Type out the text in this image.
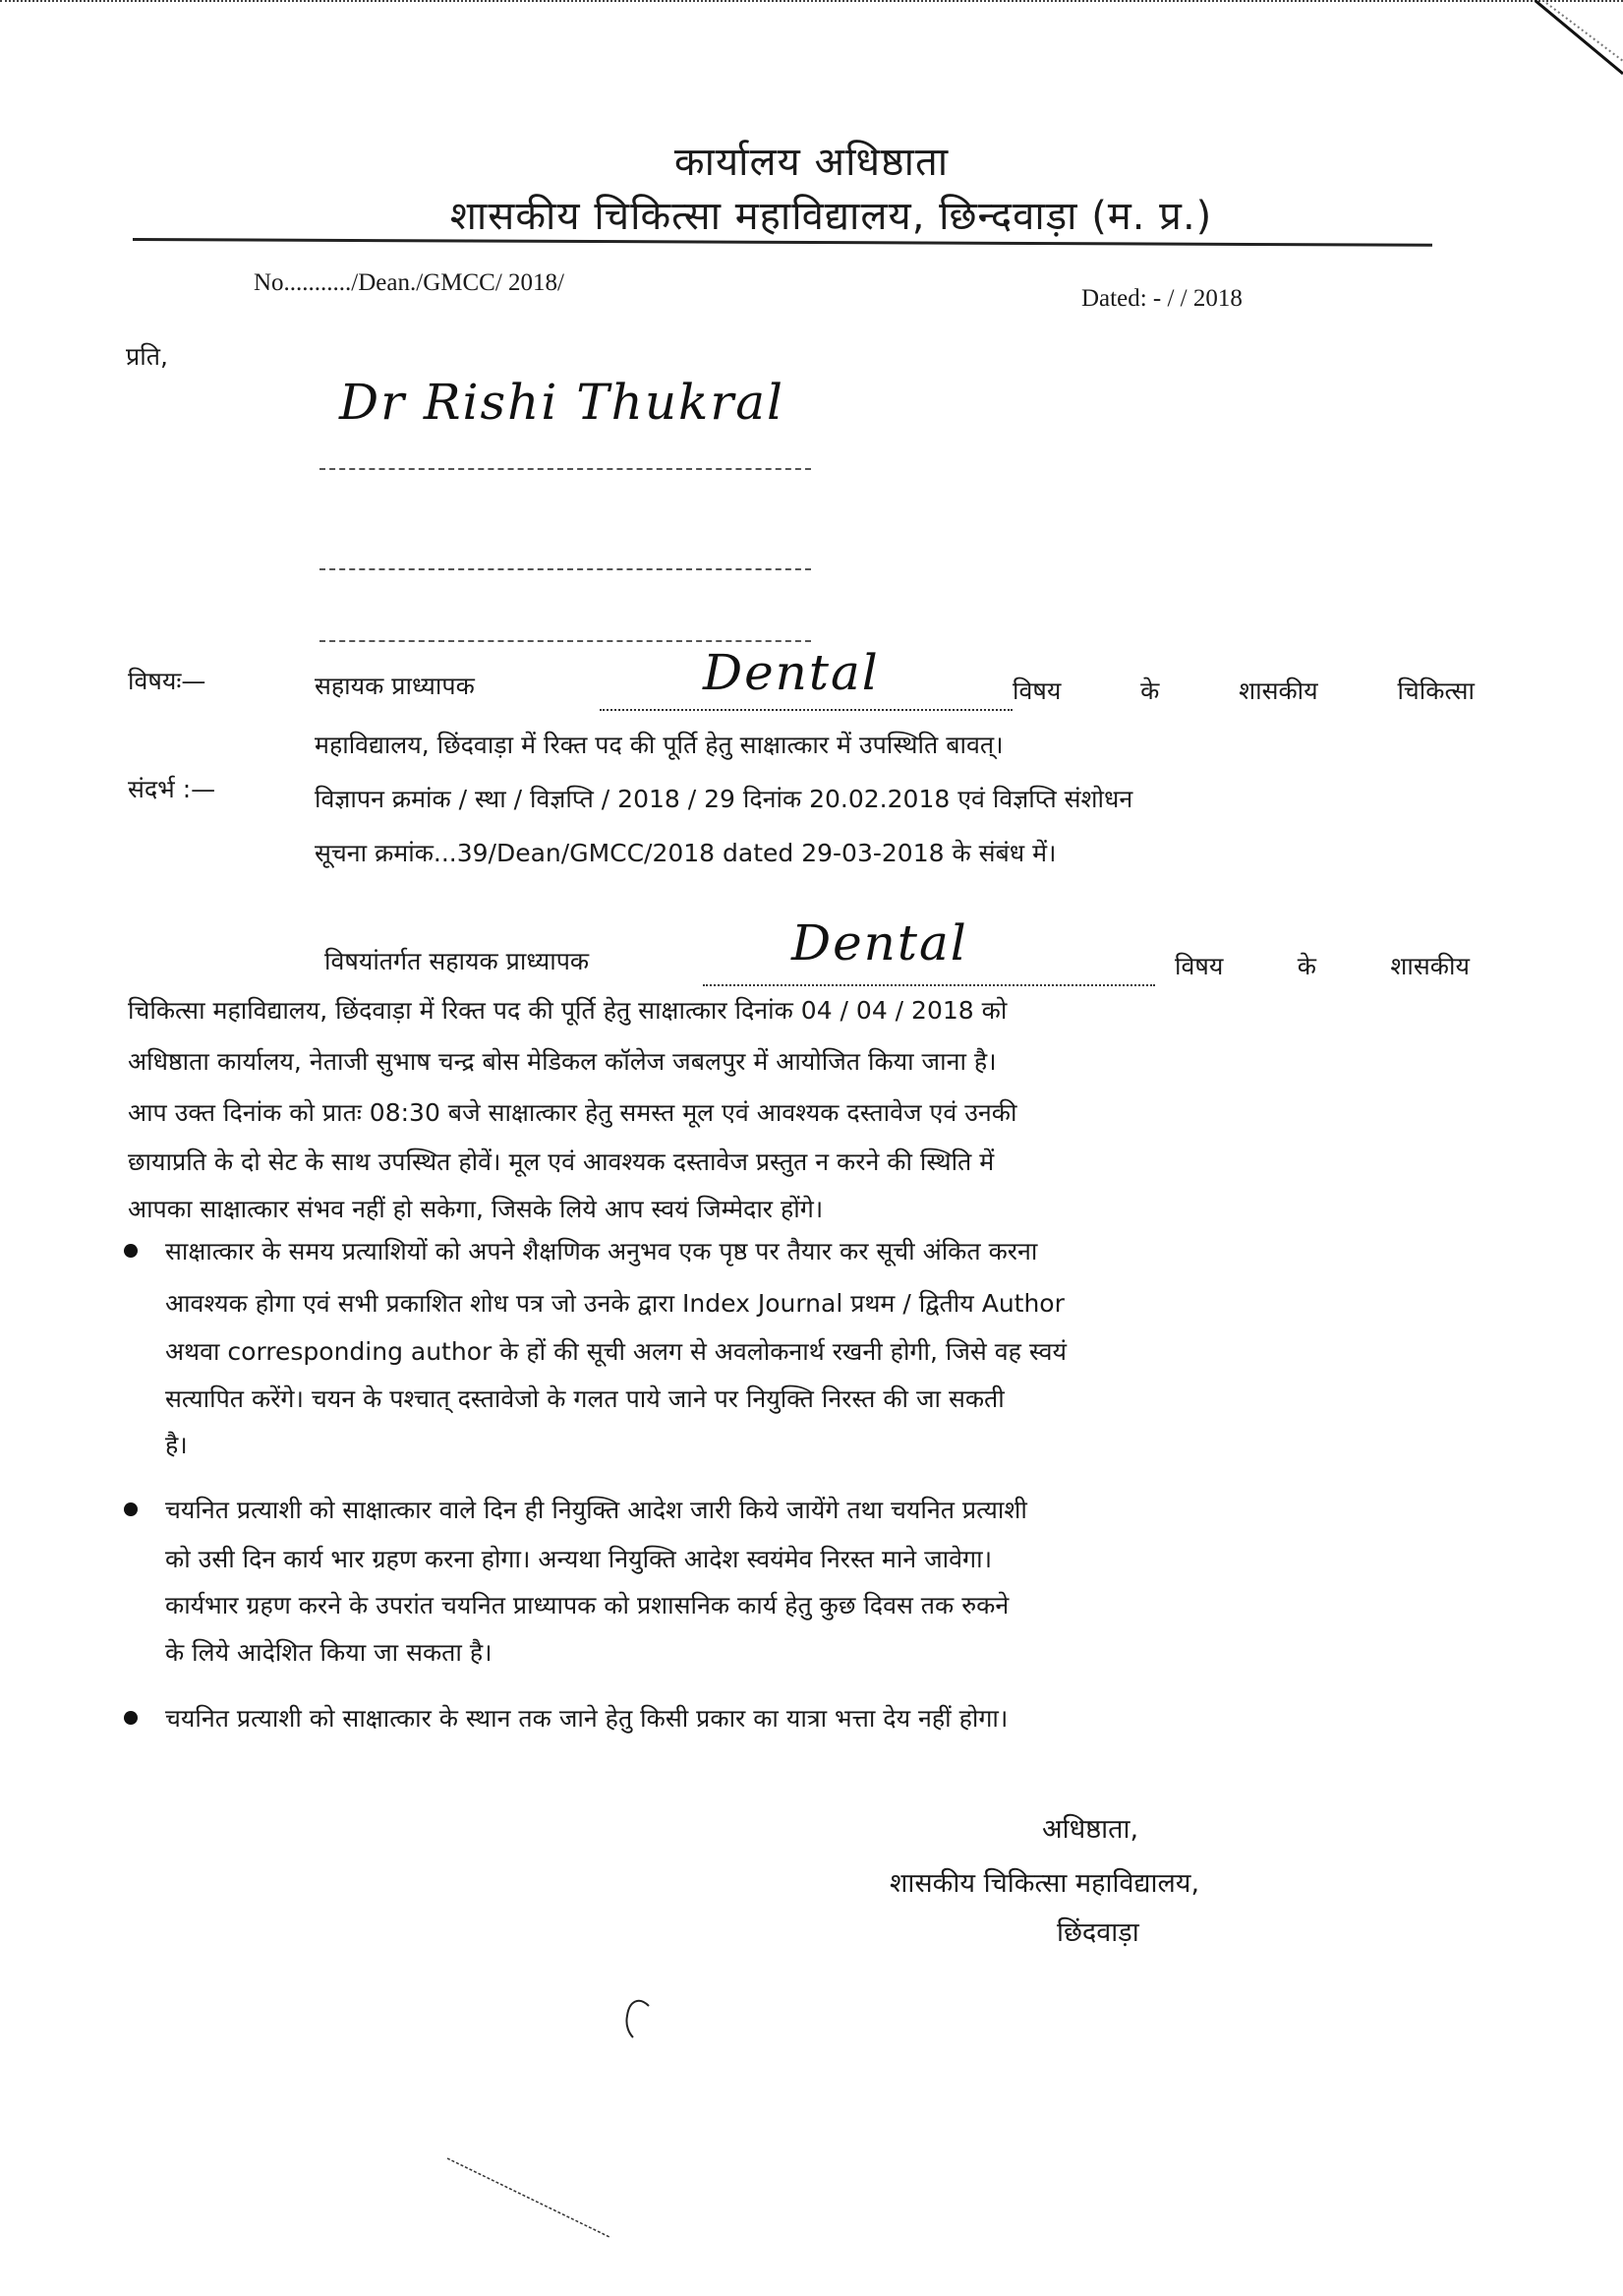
कार्यालय अधिष्ठाता
शासकीय चिकित्सा महाविद्यालय, छिन्दवाड़ा (म. प्र.)
No.........../Dean./GMCC/ 2018/
Dated: - / / 2018
प्रति,
Dr Rishi Thukral
विषयः—	सहायक प्राध्यापक	Dental	विषय के शासकीय चिकित्सा
महाविद्यालय, छिंदवाड़ा में रिक्त पद की पूर्ति हेतु साक्षात्कार में उपस्थिति बावत्।
संदर्भ :—	विज्ञापन क्रमांक / स्था / विज्ञप्ति / 2018 / 29 दिनांक 20.02.2018 एवं विज्ञप्ति संशोधन
सूचना क्रमांक...39/Dean/GMCC/2018 dated 29-03-2018 के संबंध में।
विषयांतर्गत सहायक प्राध्यापक	Dental	विषय के शासकीय
चिकित्सा महाविद्यालय, छिंदवाड़ा में रिक्त पद की पूर्ति हेतु साक्षात्कार दिनांक 04 / 04 / 2018 को
अधिष्ठाता कार्यालय, नेताजी सुभाष चन्द्र बोस मेडिकल कॉलेज जबलपुर में आयोजित किया जाना है।
आप उक्त दिनांक को प्रातः 08:30 बजे साक्षात्कार हेतु समस्त मूल एवं आवश्यक दस्तावेज एवं उनकी
छायाप्रति के दो सेट के साथ उपस्थित होवें। मूल एवं आवश्यक दस्तावेज प्रस्तुत न करने की स्थिति में
आपका साक्षात्कार संभव नहीं हो सकेगा, जिसके लिये आप स्वयं जिम्मेदार होंगे।
साक्षात्कार के समय प्रत्याशियों को अपने शैक्षणिक अनुभव एक पृष्ठ पर तैयार कर सूची अंकित करना
आवश्यक होगा एवं सभी प्रकाशित शोध पत्र जो उनके द्वारा Index Journal प्रथम / द्वितीय Author
अथवा corresponding author के हों की सूची अलग से अवलोकनार्थ रखनी होगी, जिसे वह स्वयं
सत्यापित करेंगे। चयन के पश्चात् दस्तावेजो के गलत पाये जाने पर नियुक्ति निरस्त की जा सकती
है।
चयनित प्रत्याशी को साक्षात्कार वाले दिन ही नियुक्ति आदेश जारी किये जायेंगे तथा चयनित प्रत्याशी
को उसी दिन कार्य भार ग्रहण करना होगा। अन्यथा नियुक्ति आदेश स्वयंमेव निरस्त माने जावेगा।
कार्यभार ग्रहण करने के उपरांत चयनित प्राध्यापक को प्रशासनिक कार्य हेतु कुछ दिवस तक रुकने
के लिये आदेशित किया जा सकता है।
चयनित प्रत्याशी को साक्षात्कार के स्थान तक जाने हेतु किसी प्रकार का यात्रा भत्ता देय नहीं होगा।
अधिष्ठाता,
शासकीय चिकित्सा महाविद्यालय,
छिंदवाड़ा
